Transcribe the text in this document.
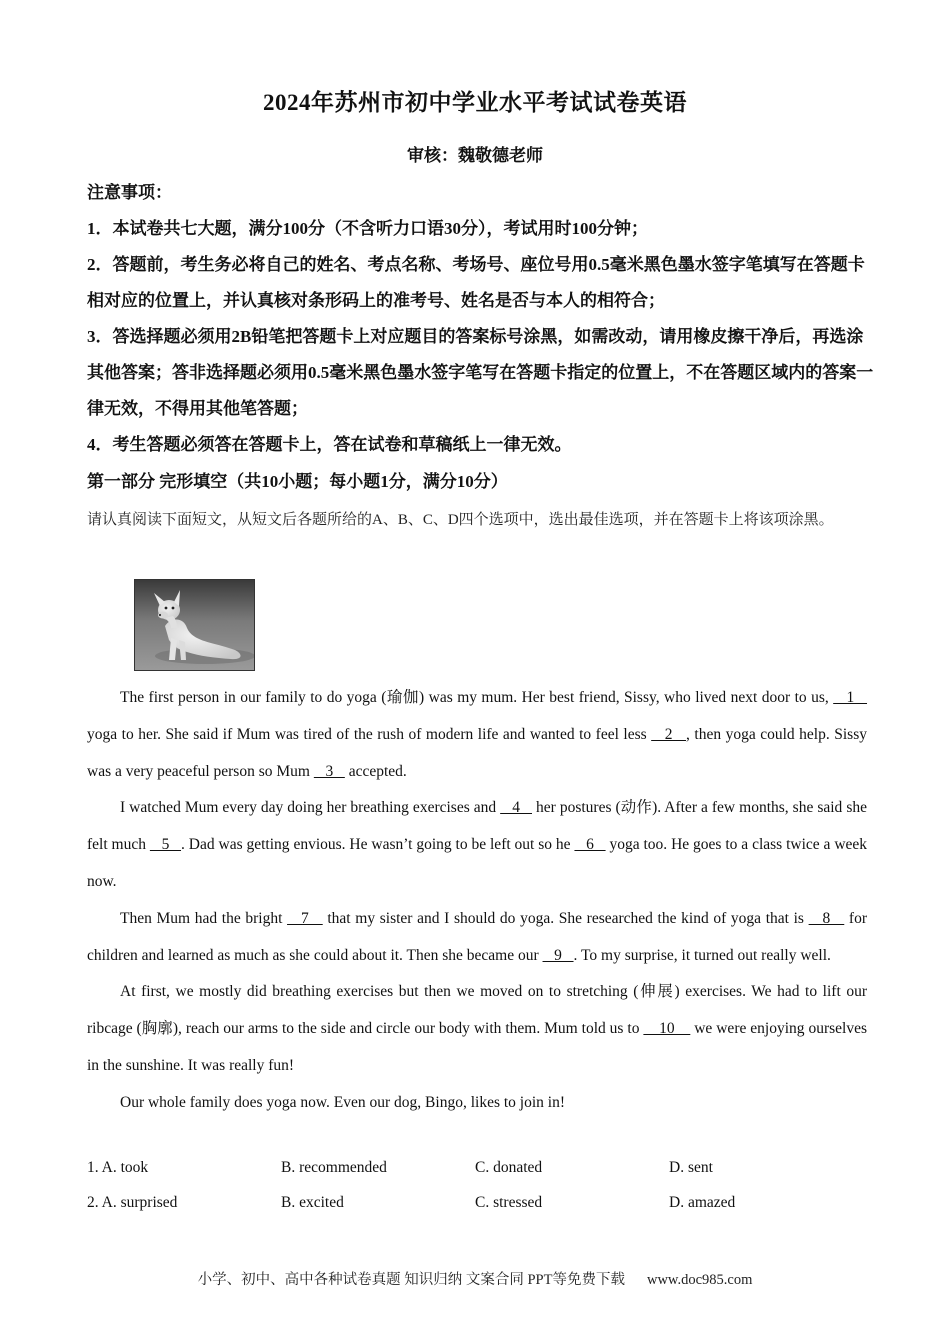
2024年苏州市初中学业水平考试试卷英语
审核：魏敬德老师

注意事项：

1．本试卷共七大题，满分100分（不含听力口语30分），考试用时100分钟；

2．答题前，考生务必将自己的姓名、考点名称、考场号、座位号用0.5毫米黑色墨水签字笔填写在答题卡相对应的位置上，并认真核对条形码上的准考号、姓名是否与本人的相符合；

3．答选择题必须用2B铅笔把答题卡上对应题目的答案标号涂黑，如需改动，请用橡皮擦干净后，再选涂其他答案；答非选择题必须用0.5毫米黑色墨水签字笔写在答题卡指定的位置上，不在答题区域内的答案一律无效，不得用其他笔答题；

4．考生答题必须答在答题卡上，答在试卷和草稿纸上一律无效。

第一部分 完形填空（共10小题；每小题1分，满分10分）
请认真阅读下面短文，从短文后各题所给的A、B、C、D四个选项中，选出最佳选项，并在答题卡上将该项涂黑。

The first person in our family to do yoga (瑜伽) was my mum. Her best friend, Sissy, who lived next door to us,    1    yoga to her. She said if Mum was tired of the rush of modern life and wanted to feel less    2   , then yoga could help. Sissy was a very peaceful person so Mum    3    accepted.

I watched Mum every day doing her breathing exercises and    4    her postures (动作). After a few months, she said she felt much    5   . Dad was getting envious. He wasn’t going to be left out so he    6    yoga too. He goes to a class twice a week now.

Then Mum had the bright    7    that my sister and I should do yoga. She researched the kind of yoga that is    8    for children and learned as much as she could about it. Then she became our    9   . To my surprise, it turned out really well.

At first, we mostly did breathing exercises but then we moved on to stretching (伸展) exercises. We had to lift our ribcage (胸廓), reach our arms to the side and circle our body with them. Mum told us to     10     we were enjoying ourselves in the sunshine. It was really fun!

Our whole family does yoga now. Even our dog, Bingo, likes to join in!

1. A. took	B. recommended	C. donated	D. sent
2. A. surprised	B. excited	C. stressed	D. amazed
小学、初中、高中各种试卷真题 知识归纳 文案合同 PPT等免费下载 www.doc985.com
